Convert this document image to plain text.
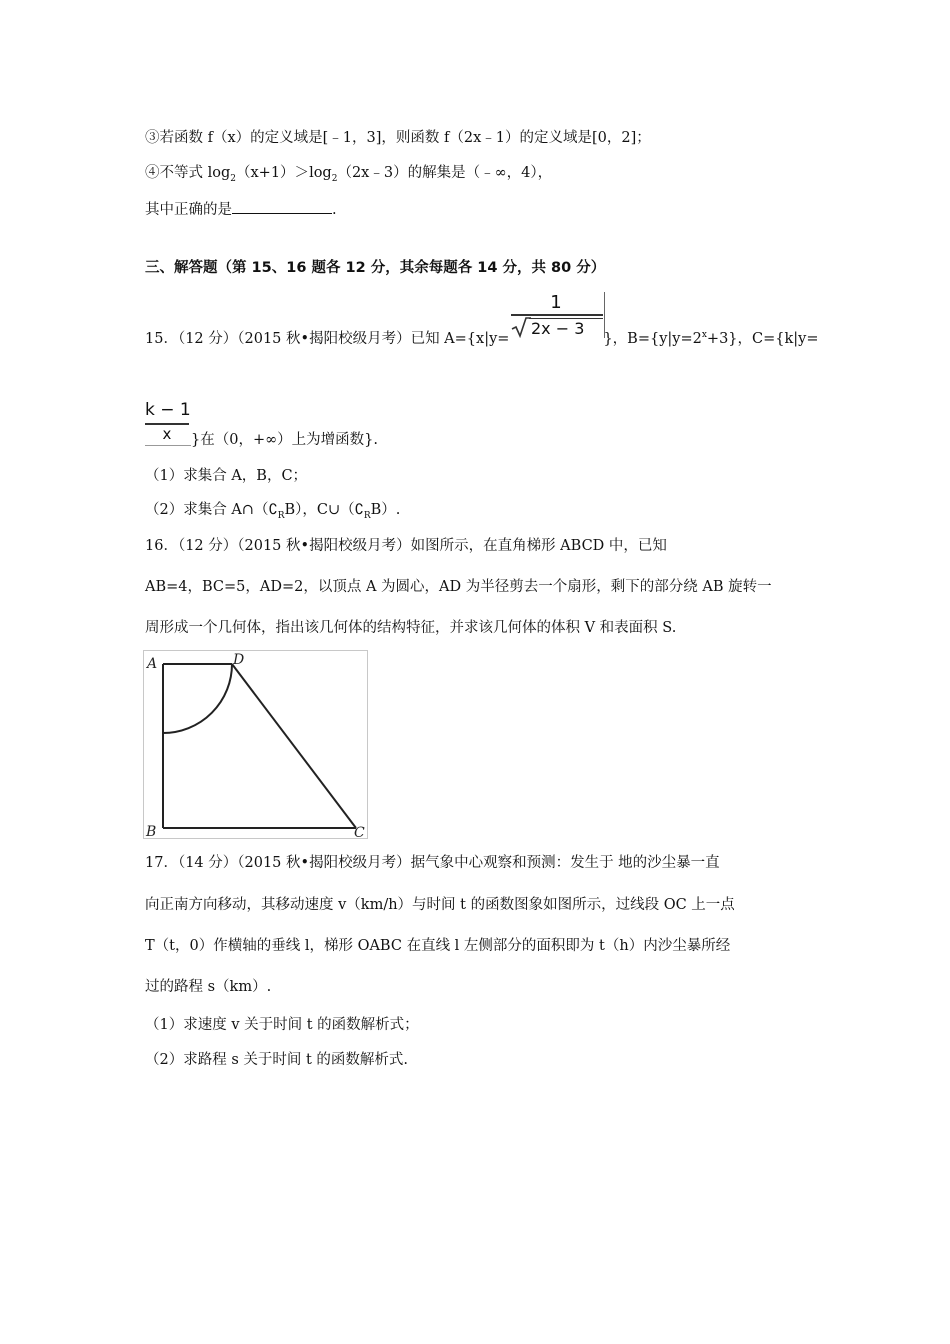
③若函数 f（x）的定义域是[﹣1，3]，则函数 f（2x﹣1）的定义域是[0，2]；
④不等式 $\log_2(x+1)>\log_2(2x﹣3)$的解集是（﹣∞，4），
其中正确的是	.
三、解答题（第 15、16 题各 12 分，其余每题各 14 分，共 80 分）
1
2x − 3
15．（12 分）（2015 秋•揭阳校级月考）已知 A={x|y=	}，$B=\{y|y=2^x+3\}$，C={k|y=
k − 1
x	}在（0，+∞）上为增函数}.
（1）求集合 A，B，C；
（2）求集合 $A\cap(∁_RB)$，$C\cup(∁_RB)$.
16．（12 分）（2015 秋•揭阳校级月考）如图所示，在直角梯形 ABCD 中，已知
AB=4，BC=5，AD=2，以顶点 A 为圆心，AD 为半径剪去一个扇形，剩下的部分绕 AB 旋转一
周形成一个几何体，指出该几何体的结构特征，并求该几何体的体积 V 和表面积 S.
A	D
B	C
17．（14 分）（2015 秋•揭阳校级月考）据气象中心观察和预测：发生于 地的沙尘暴一直
向正南方向移动，其移动速度 v（km/h）与时间 t 的函数图象如图所示，过线段 OC 上一点
T（t，0）作横轴的垂线 l，梯形 OABC 在直线 l 左侧部分的面积即为 t（h）内沙尘暴所经
过的路程 s（km）.
（1）求速度 v 关于时间 t 的函数解析式；
（2）求路程 s 关于时间 t 的函数解析式.
